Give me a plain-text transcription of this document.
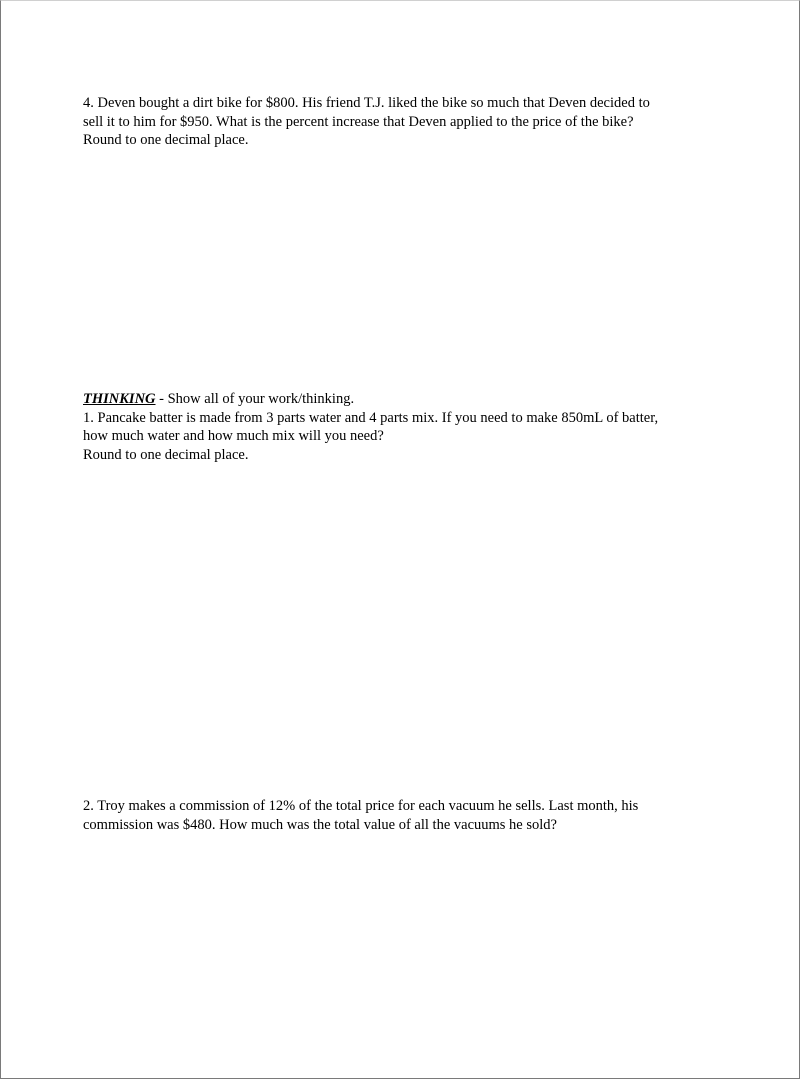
4. Deven bought a dirt bike for $800. His friend T.J. liked the bike so much that Deven decided to
sell it to him for $950. What is the percent increase that Deven applied to the price of the bike?
Round to one decimal place.
THINKING - Show all of your work/thinking.
1. Pancake batter is made from 3 parts water and 4 parts mix. If you need to make 850mL of batter,
how much water and how much mix will you need?
Round to one decimal place.
2. Troy makes a commission of 12% of the total price for each vacuum he sells. Last month, his
commission was $480. How much was the total value of all the vacuums he sold?
